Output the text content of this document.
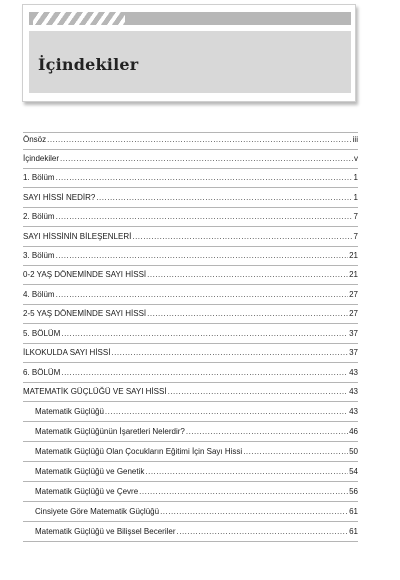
İçindekiler
Önsöz .....	iii
İçindekiler .....	v
1. Bölüm .....	1
SAYI HİSSİ NEDİR? .....	1
2. Bölüm .....	7
SAYI HİSSİNİN BİLEŞENLERİ .....	7
3. Bölüm .....	21
0-2 YAŞ DÖNEMİNDE SAYI HİSSİ .....	21
4. Bölüm .....	27
2-5 YAŞ DÖNEMİNDE SAYI HİSSİ .....	27
5. BÖLÜM .....	37
İLKOKULDA SAYI HİSSİ .....	37
6. BÖLÜM .....	43
MATEMATİK GÜÇLÜĞÜ VE SAYI HİSSİ .....	43
Matematik Güçlüğü .....	43
Matematik Güçlüğünün İşaretleri Nelerdir? .....	46
Matematik Güçlüğü Olan Çocukların Eğitimi İçin Sayı Hissi .....	50
Matematik Güçlüğü ve Genetik .....	54
Matematik Güçlüğü ve Çevre .....	56
Cinsiyete Göre Matematik Güçlüğü .....	61
Matematik Güçlüğü ve Bilişsel Beceriler .....	61
